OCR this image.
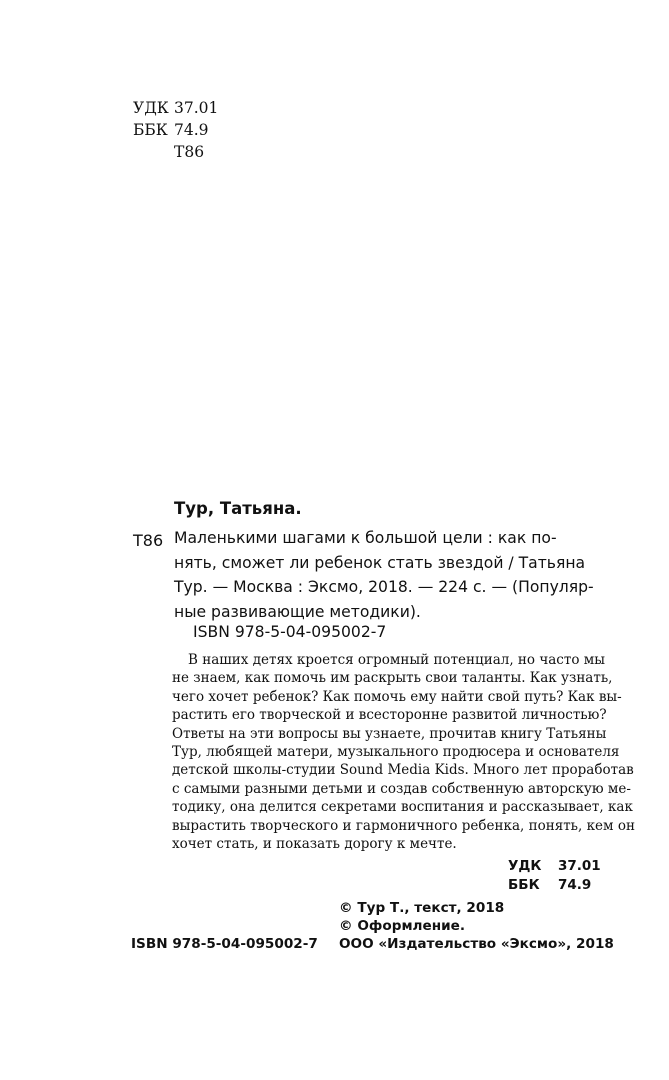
УДК 37.01
ББК 74.9
Т86
Тур, Татьяна.
Т86 Маленькими шагами к большой цели : как по-
нять, сможет ли ребенок стать звездой / Татьяна
Тур. — Москва : Эксмо, 2018. — 224 с. — (Популяр-
ные развивающие методики).
ISBN 978-5-04-095002-7
В наших детях кроется огромный потенциал, но часто мы
не знаем, как помочь им раскрыть свои таланты. Как узнать,
чего хочет ребенок? Как помочь ему найти свой путь? Как вы-
растить его творческой и всесторонне развитой личностью?
Ответы на эти вопросы вы узнаете, прочитав книгу Татьяны
Тур, любящей матери, музыкального продюсера и основателя
детской школы-студии Sound Media Kids. Много лет проработав
с самыми разными детьми и создав собственную авторскую ме-
тодику, она делится секретами воспитания и рассказывает, как
вырастить творческого и гармоничного ребенка, понять, кем он
хочет стать, и показать дорогу к мечте.
УДК 37.01
ББК 74.9
© Тур Т., текст, 2018
© Оформление.
ООО «Издательство «Эксмо», 2018
ISBN 978-5-04-095002-7
